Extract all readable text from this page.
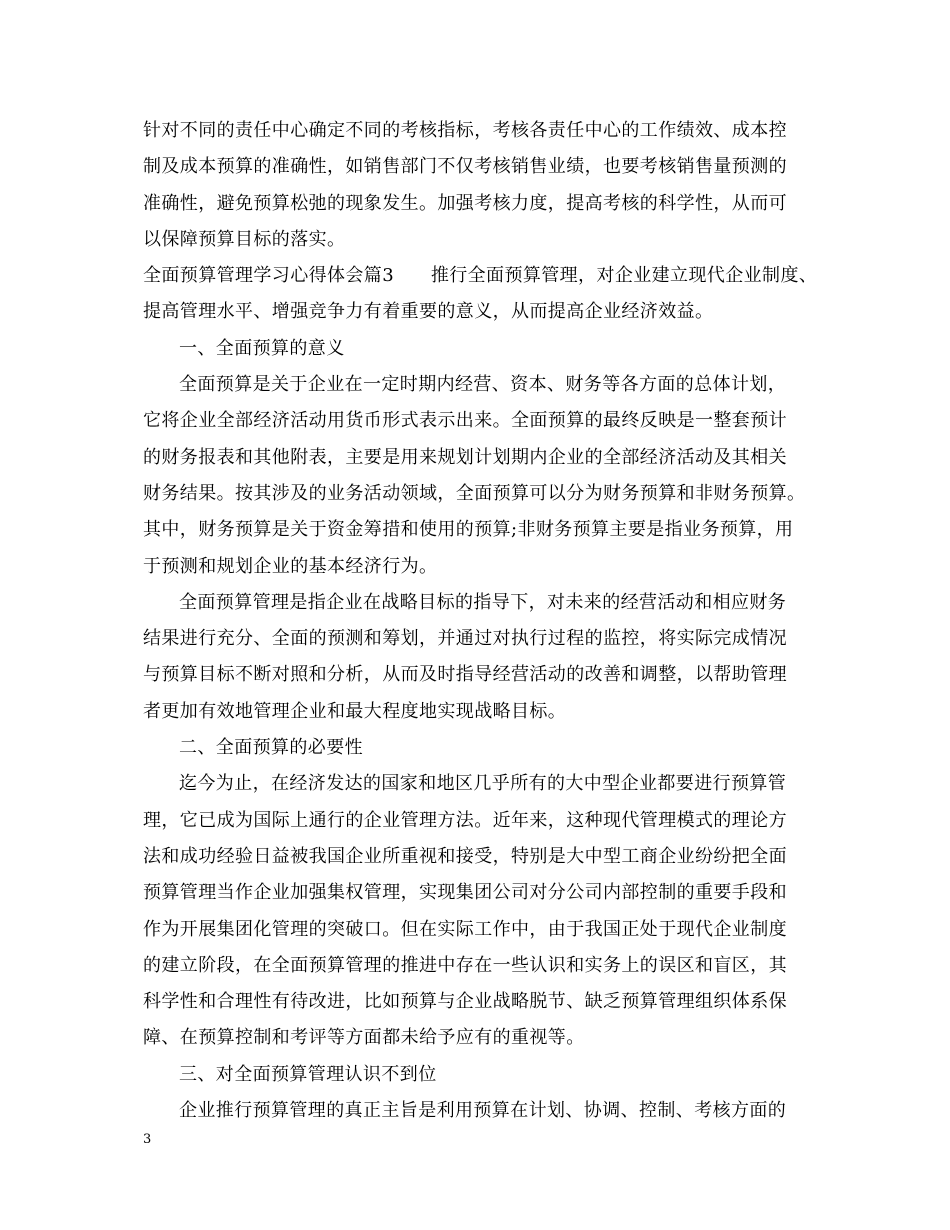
针对不同的责任中心确定不同的考核指标，考核各责任中心的工作绩效、成本控
制及成本预算的准确性，如销售部门不仅考核销售业绩，也要考核销售量预测的
准确性，避免预算松弛的现象发生。加强考核力度，提高考核的科学性，从而可
以保障预算目标的落实。
全面预算管理学习心得体会篇3　　推行全面预算管理，对企业建立现代企业制度、
提高管理水平、增强竞争力有着重要的意义，从而提高企业经济效益。
一、全面预算的意义
全面预算是关于企业在一定时期内经营、资本、财务等各方面的总体计划，
它将企业全部经济活动用货币形式表示出来。全面预算的最终反映是一整套预计
的财务报表和其他附表，主要是用来规划计划期内企业的全部经济活动及其相关
财务结果。按其涉及的业务活动领域，全面预算可以分为财务预算和非财务预算。
其中，财务预算是关于资金筹措和使用的预算;非财务预算主要是指业务预算，用
于预测和规划企业的基本经济行为。
全面预算管理是指企业在战略目标的指导下，对未来的经营活动和相应财务
结果进行充分、全面的预测和筹划，并通过对执行过程的监控，将实际完成情况
与预算目标不断对照和分析，从而及时指导经营活动的改善和调整，以帮助管理
者更加有效地管理企业和最大程度地实现战略目标。
二、全面预算的必要性
迄今为止，在经济发达的国家和地区几乎所有的大中型企业都要进行预算管
理，它已成为国际上通行的企业管理方法。近年来，这种现代管理模式的理论方
法和成功经验日益被我国企业所重视和接受，特别是大中型工商企业纷纷把全面
预算管理当作企业加强集权管理，实现集团公司对分公司内部控制的重要手段和
作为开展集团化管理的突破口。但在实际工作中，由于我国正处于现代企业制度
的建立阶段，在全面预算管理的推进中存在一些认识和实务上的误区和盲区，其
科学性和合理性有待改进，比如预算与企业战略脱节、缺乏预算管理组织体系保
障、在预算控制和考评等方面都未给予应有的重视等。
三、对全面预算管理认识不到位
企业推行预算管理的真正主旨是利用预算在计划、协调、控制、考核方面的
3
